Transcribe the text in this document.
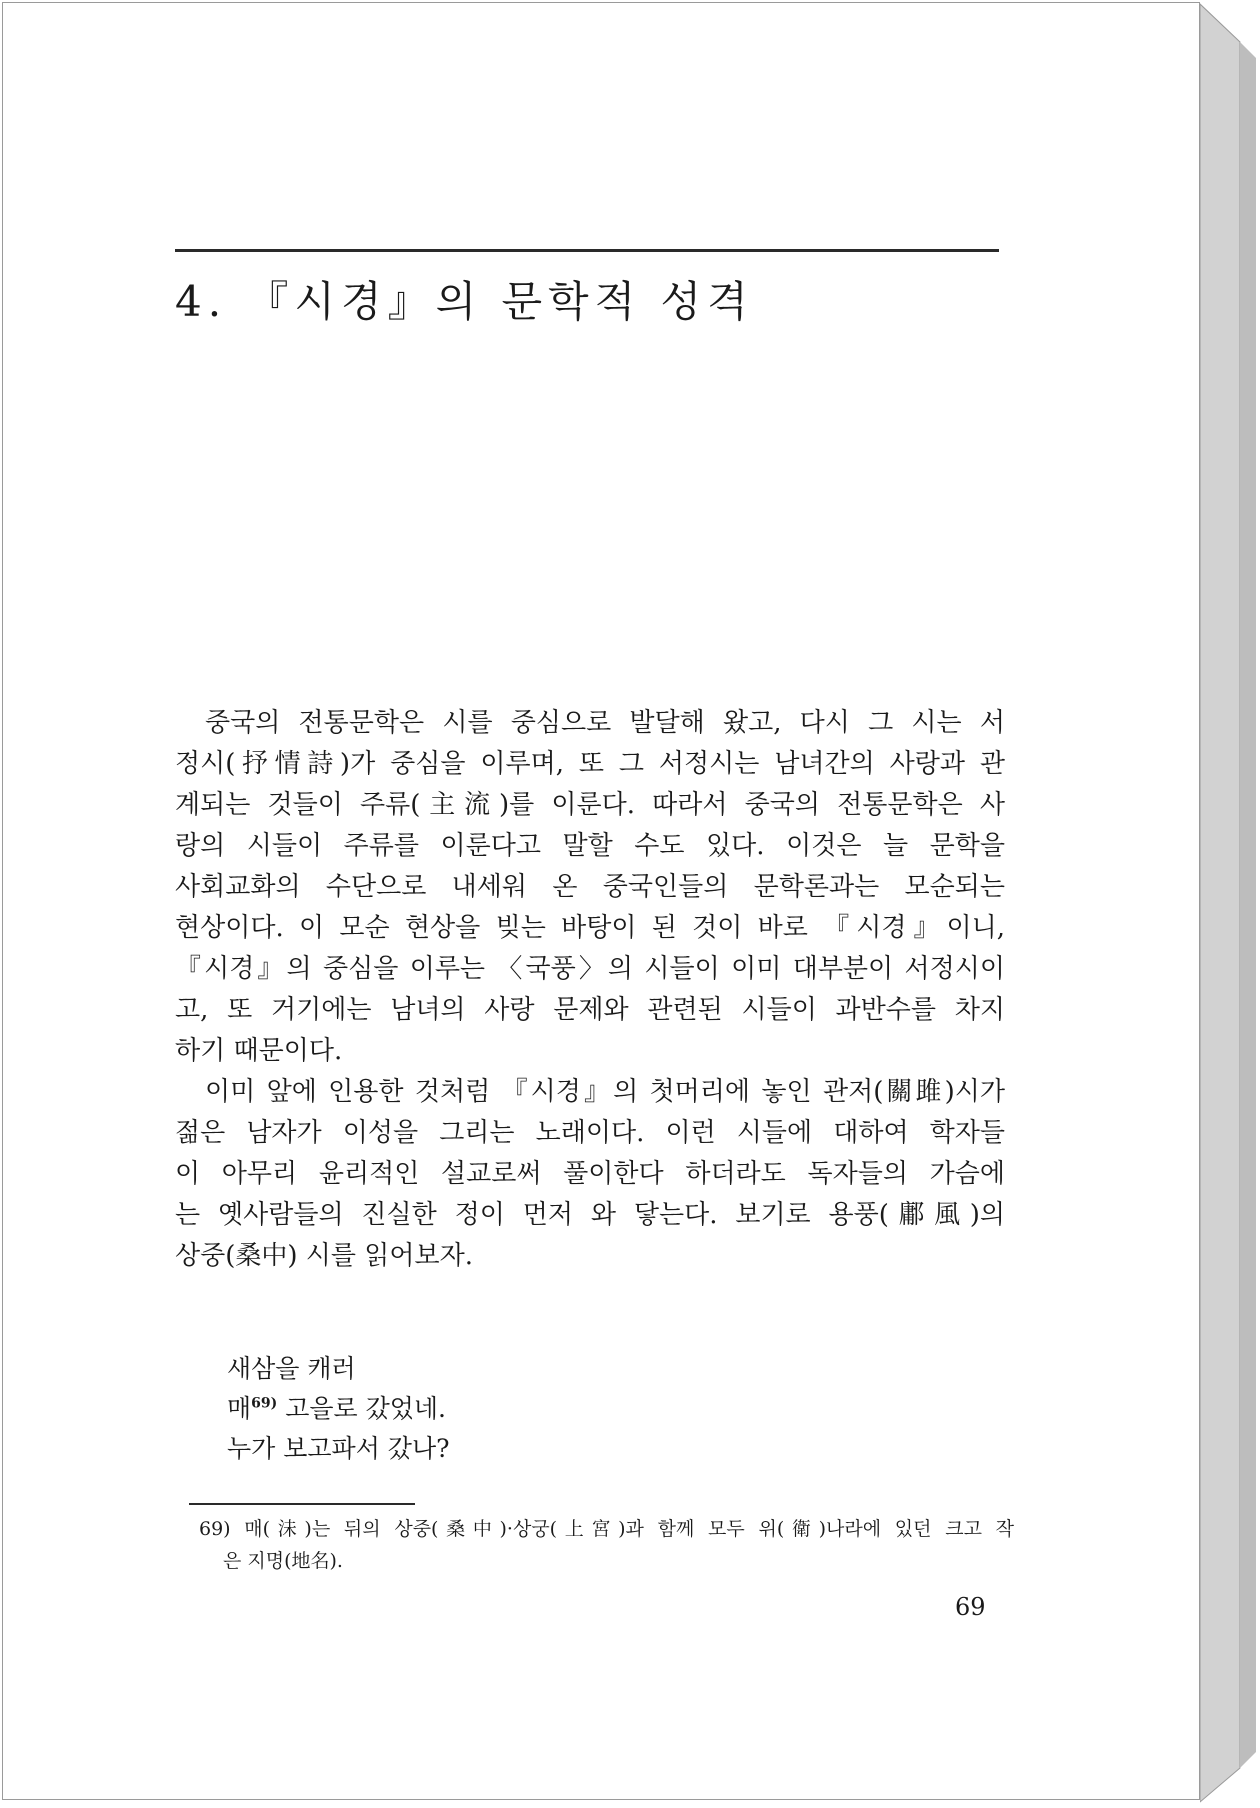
4. 『시경』의 문학적 성격

중국의 전통문학은 시를 중심으로 발달해 왔고, 다시 그 시는 서

정시(抒情詩)가 중심을 이루며, 또 그 서정시는 남녀간의 사랑과 관

계되는 것들이 주류(主流)를 이룬다. 따라서 중국의 전통문학은 사

랑의 시들이 주류를 이룬다고 말할 수도 있다. 이것은 늘 문학을

사회교화의 수단으로 내세워 온 중국인들의 문학론과는 모순되는

현상이다. 이 모순 현상을 빚는 바탕이 된 것이 바로 『시경』이니,

『시경』의 중심을 이루는 〈국풍〉의 시들이 이미 대부분이 서정시이

고, 또 거기에는 남녀의 사랑 문제와 관련된 시들이 과반수를 차지

하기 때문이다.

이미 앞에 인용한 것처럼 『시경』의 첫머리에 놓인 관저(關雎)시가

젊은 남자가 이성을 그리는 노래이다. 이런 시들에 대하여 학자들

이 아무리 윤리적인 설교로써 풀이한다 하더라도 독자들의 가슴에

는 옛사람들의 진실한 정이 먼저 와 닿는다. 보기로 용풍(鄘風)의

상중(桑中) 시를 읽어보자.

새삼을 캐러
매$^{69)}$ 고을로 갔었네.
누가 보고파서 갔나?
69) 매(沬)는 뒤의 상중(桑中)·상궁(上宮)과 함께 모두 위(衛)나라에 있던 크고 작
은 지명(地名).
69
